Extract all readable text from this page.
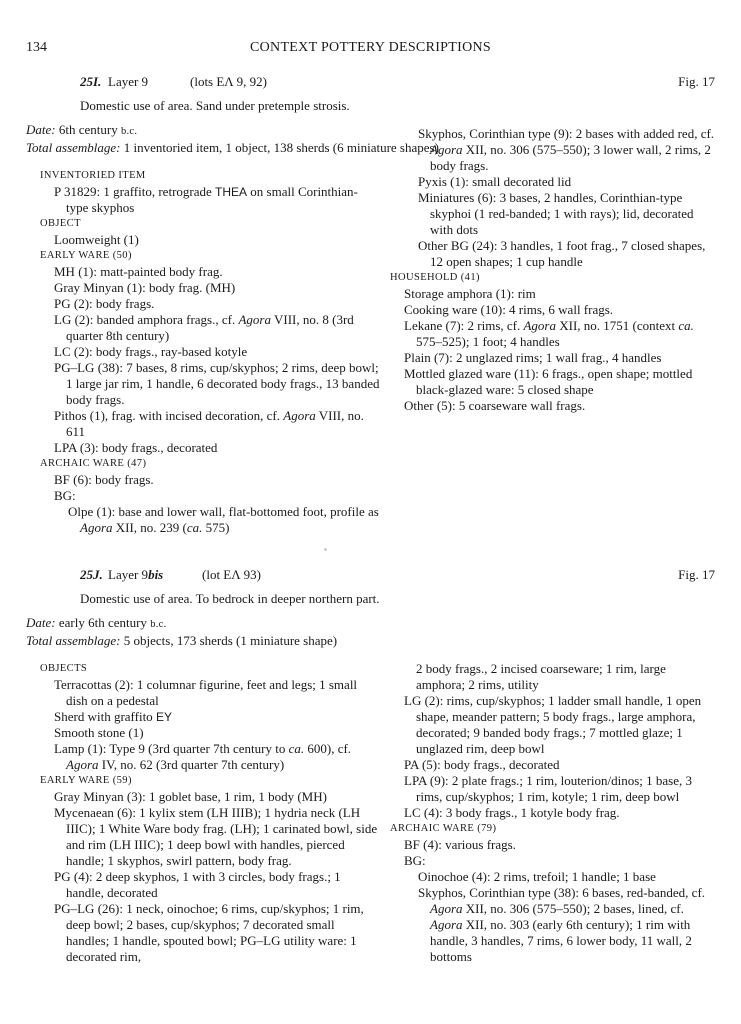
134	CONTEXT POTTERY DESCRIPTIONS
25I. Layer 9	(lots EΛ 9, 92)	Fig. 17
Domestic use of area. Sand under pretemple strosis.
Date: 6th century b.c.
Total assemblage: 1 inventoried item, 1 object, 138 sherds (6 miniature shapes)
INVENTORIED ITEM
P 31829: 1 graffito, retrograde THEA on small Corinthian-type skyphos
OBJECT
Loomweight (1)
EARLY WARE (50)
MH (1): matt-painted body frag.
Gray Minyan (1): body frag. (MH)
PG (2): body frags.
LG (2): banded amphora frags., cf. Agora VIII, no. 8 (3rd quarter 8th century)
LC (2): body frags., ray-based kotyle
PG–LG (38): 7 bases, 8 rims, cup/skyphos; 2 rims, deep bowl; 1 large jar rim, 1 handle, 6 decorated body frags., 13 banded body frags.
Pithos (1), frag. with incised decoration, cf. Agora VIII, no. 611
LPA (3): body frags., decorated
ARCHAIC WARE (47)
BF (6): body frags.
BG:
Olpe (1): base and lower wall, flat-bottomed foot, profile as Agora XII, no. 239 (ca. 575)
Skyphos, Corinthian type (9): 2 bases with added red, cf. Agora XII, no. 306 (575–550); 3 lower wall, 2 rims, 2 body frags.
Pyxis (1): small decorated lid
Miniatures (6): 3 bases, 2 handles, Corinthian-type skyphoi (1 red-banded; 1 with rays); lid, decorated with dots
Other BG (24): 3 handles, 1 foot frag., 7 closed shapes, 12 open shapes; 1 cup handle
HOUSEHOLD (41)
Storage amphora (1): rim
Cooking ware (10): 4 rims, 6 wall frags.
Lekane (7): 2 rims, cf. Agora XII, no. 1751 (context ca. 575–525); 1 foot; 4 handles
Plain (7): 2 unglazed rims; 1 wall frag., 4 handles
Mottled glazed ware (11): 6 frags., open shape; mottled black-glazed ware: 5 closed shape
Other (5): 5 coarseware wall frags.
25J. Layer 9bis	(lot EΛ 93)	Fig. 17
Domestic use of area. To bedrock in deeper northern part.
Date: early 6th century b.c.
Total assemblage: 5 objects, 173 sherds (1 miniature shape)
OBJECTS
Terracottas (2): 1 columnar figurine, feet and legs; 1 small dish on a pedestal
Sherd with graffito EY
Smooth stone (1)
Lamp (1): Type 9 (3rd quarter 7th century to ca. 600), cf. Agora IV, no. 62 (3rd quarter 7th century)
EARLY WARE (59)
Gray Minyan (3): 1 goblet base, 1 rim, 1 body (MH)
Mycenaean (6): 1 kylix stem (LH IIIB); 1 hydria neck (LH IIIC); 1 White Ware body frag. (LH); 1 carinated bowl, side and rim (LH IIIC); 1 deep bowl with handles, pierced handle; 1 skyphos, swirl pattern, body frag.
PG (4): 2 deep skyphos, 1 with 3 circles, body frags.; 1 handle, decorated
PG–LG (26): 1 neck, oinochoe; 6 rims, cup/skyphos; 1 rim, deep bowl; 2 bases, cup/skyphos; 7 decorated small handles; 1 handle, spouted bowl; PG–LG utility ware: 1 decorated rim,
2 body frags., 2 incised coarseware; 1 rim, large amphora; 2 rims, utility
LG (2): rims, cup/skyphos; 1 ladder small handle, 1 open shape, meander pattern; 5 body frags., large amphora, decorated; 9 banded body frags.; 7 mottled glaze; 1 unglazed rim, deep bowl
PA (5): body frags., decorated
LPA (9): 2 plate frags.; 1 rim, louterion/dinos; 1 base, 3 rims, cup/skyphos; 1 rim, kotyle; 1 rim, deep bowl
LC (4): 3 body frags., 1 kotyle body frag.
ARCHAIC WARE (79)
BF (4): various frags.
BG:
Oinochoe (4): 2 rims, trefoil; 1 handle; 1 base
Skyphos, Corinthian type (38): 6 bases, red-banded, cf. Agora XII, no. 306 (575–550); 2 bases, lined, cf. Agora XII, no. 303 (early 6th century); 1 rim with handle, 3 handles, 7 rims, 6 lower body, 11 wall, 2 bottoms
